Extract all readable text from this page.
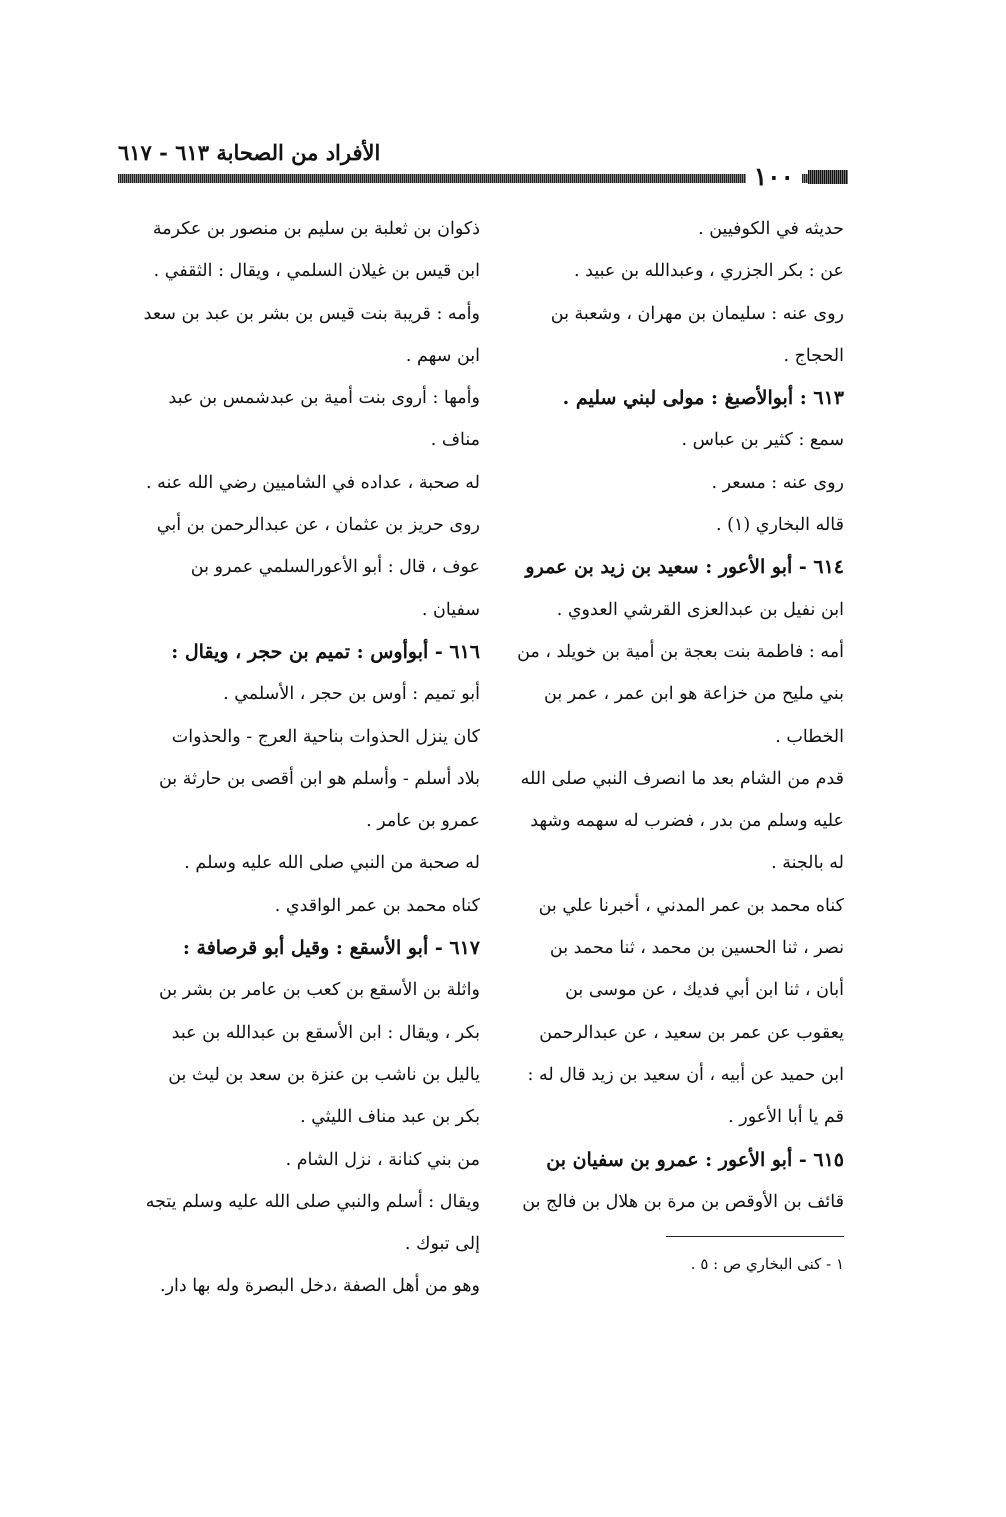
الأفراد من الصحابة ٦١٣ - ٦١٧
١٠٠
حديثه في الكوفيين .
عن : بكر الجزري ، وعبدالله بن عبيد .
روى عنه : سليمان بن مهران ، وشعبة بن
الحجاج .
٦١٣ : أبوالأصبغ : مولى لبني سليم .
سمع : كثير بن عباس .
روى عنه : مسعر .
قاله البخاري (١) .
٦١٤ - أبو الأعور : سعيد بن زيد بن عمرو
ابن نفيل بن عبدالعزى القرشي العدوي .
أمه : فاطمة بنت بعجة بن أمية بن خويلد ، من
بني مليح من خزاعة هو ابن عمر ، عمر بن
الخطاب .
قدم من الشام بعد ما انصرف النبي صلى الله
عليه وسلم من بدر ، فضرب له سهمه وشهد
له بالجنة .
كناه محمد بن عمر المدني ، أخبرنا علي بن
نصر ، ثنا الحسين بن محمد ، ثنا محمد بن
أبان ، ثنا ابن أبي فديك ، عن موسى بن
يعقوب عن عمر بن سعيد ، عن عبدالرحمن
ابن حميد عن أبيه ، أن سعيد بن زيد قال له :
قم يا أبا الأعور .
٦١٥ - أبو الأعور : عمرو بن سفيان بن
قائف بن الأوقص بن مرة بن هلال بن فالج بن
ذكوان بن ثعلبة بن سليم بن منصور بن عكرمة
ابن قيس بن غيلان السلمي ، ويقال : الثقفي .
وأمه : قريبة بنت قيس بن بشر بن عبد بن سعد
ابن سهم .
وأمها : أروى بنت أمية بن عبدشمس بن عبد
مناف .
له صحبة ، عداده في الشاميين رضي الله عنه .
روى حريز بن عثمان ، عن عبدالرحمن بن أبي
عوف ، قال : أبو الأعورالسلمي عمرو بن
سفيان .
٦١٦ - أبوأوس : تميم بن حجر ، ويقال :
أبو تميم : أوس بن حجر ، الأسلمي .
كان ينزل الحذوات بناحية العرج - والحذوات
بلاد أسلم - وأسلم هو ابن أقصى بن حارثة بن
عمرو بن عامر .
له صحبة من النبي صلى الله عليه وسلم .
كناه محمد بن عمر الواقدي .
٦١٧ - أبو الأسقع : وقيل أبو قرصافة :
واثلة بن الأسقع بن كعب بن عامر بن بشر بن
بكر ، ويقال : ابن الأسقع بن عبدالله بن عبد
ياليل بن ناشب بن عنزة بن سعد بن ليث بن
بكر بن عبد مناف الليثي .
من بني كنانة ، نزل الشام .
ويقال : أسلم والنبي صلى الله عليه وسلم يتجه
إلى تبوك .
وهو من أهل الصفة ،دخل البصرة وله بها دار.
١ - كنى البخاري ص : ٥ .
